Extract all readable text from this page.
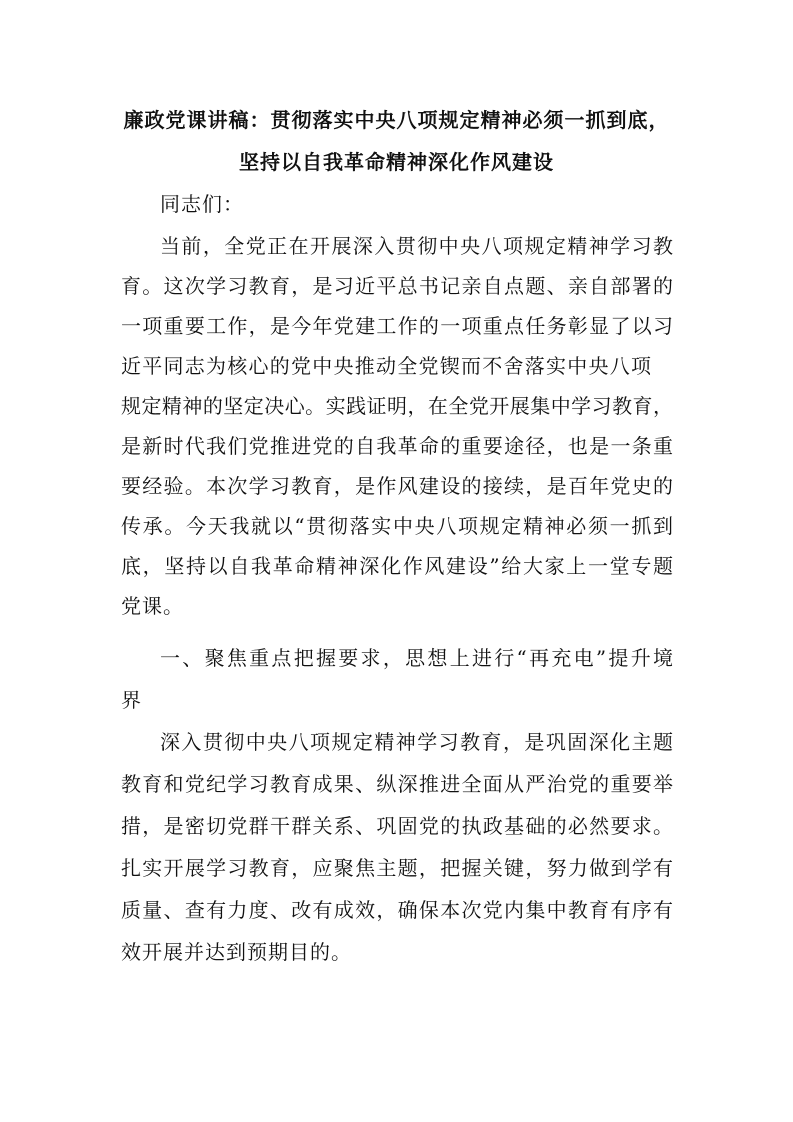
廉政党课讲稿：贯彻落实中央八项规定精神必须一抓到底，
坚持以自我革命精神深化作风建设
同志们：
当前，全党正在开展深入贯彻中央八项规定精神学习教
育。这次学习教育，是习近平总书记亲自点题、亲自部署的
一项重要工作，是今年党建工作的一项重点任务彰显了以习
近平同志为核心的党中央推动全党锲而不舍落实中央八项
规定精神的坚定决心。实践证明，在全党开展集中学习教育，
是新时代我们党推进党的自我革命的重要途径，也是一条重
要经验。本次学习教育，是作风建设的接续，是百年党史的
传承。今天我就以“贯彻落实中央八项规定精神必须一抓到
底，坚持以自我革命精神深化作风建设”给大家上一堂专题
党课。
一、聚焦重点把握要求，思想上进行“再充电”提升境
界
深入贯彻中央八项规定精神学习教育，是巩固深化主题
教育和党纪学习教育成果、纵深推进全面从严治党的重要举
措，是密切党群干群关系、巩固党的执政基础的必然要求。
扎实开展学习教育，应聚焦主题，把握关键，努力做到学有
质量、查有力度、改有成效，确保本次党内集中教育有序有
效开展并达到预期目的。
